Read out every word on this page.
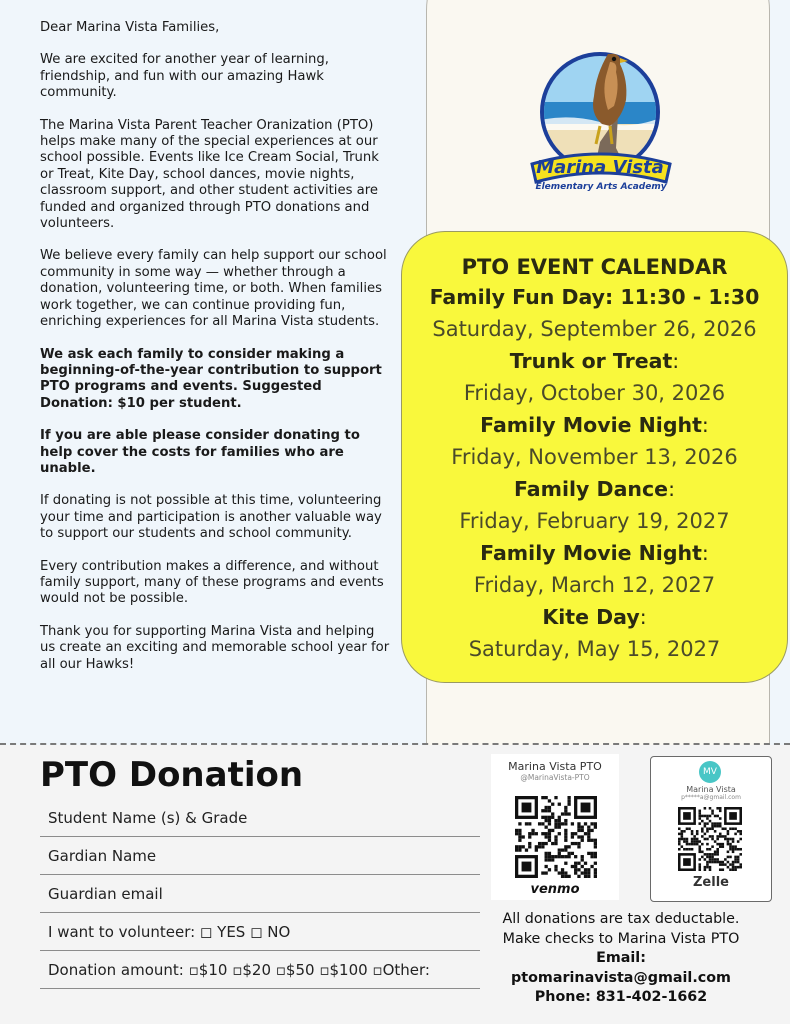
Dear Marina Vista Families,

We are excited for another year of learning, friendship, and fun with our amazing Hawk community.

The Marina Vista Parent Teacher Oranization (PTO) helps make many of the special experiences at our school possible. Events like Ice Cream Social, Trunk or Treat, Kite Day, school dances, movie nights, classroom support, and other student activities are funded and organized through PTO donations and volunteers.

We believe every family can help support our school community in some way — whether through a donation, volunteering time, or both. When families work together, we can continue providing fun, enriching experiences for all Marina Vista students.

We ask each family to consider making a beginning-of-the-year contribution to support PTO programs and events. Suggested Donation: $10 per student.

If you are able please consider donating to help cover the costs for families who are unable.

If donating is not possible at this time, volunteering your time and participation is another valuable way to support our students and school community.

Every contribution makes a difference, and without family support, many of these programs and events would not be possible.

Thank you for supporting Marina Vista and helping us create an exciting and memorable school year for all our Hawks!

Marina Vista
Elementary Arts Academy
PTO EVENT CALENDAR
Family Fun Day: 11:30 - 1:30
Saturday, September 26, 2026
Trunk or Treat:
Friday, October 30, 2026
Family Movie Night:
Friday, November 13, 2026
Family Dance:
Friday, February 19, 2027
Family Movie Night:
Friday, March 12, 2027
Kite Day:
Saturday, May 15, 2027
PTO Donation
Student Name (s) & Grade
Gardian Name
Guardian email
I want to volunteer: ◻ YES ◻ NO
Donation amount: ▫$10 ▫$20 ▫$50 ▫$100 ▫Other:
Marina Vista PTO
@MarinaVista-PTO
venmo
MV
Marina Vista
p*****a@gmail.com
Zelle
All donations are tax deductable.
Make checks to Marina Vista PTO
Email: ptomarinavista@gmail.com
Phone: 831-402-1662
